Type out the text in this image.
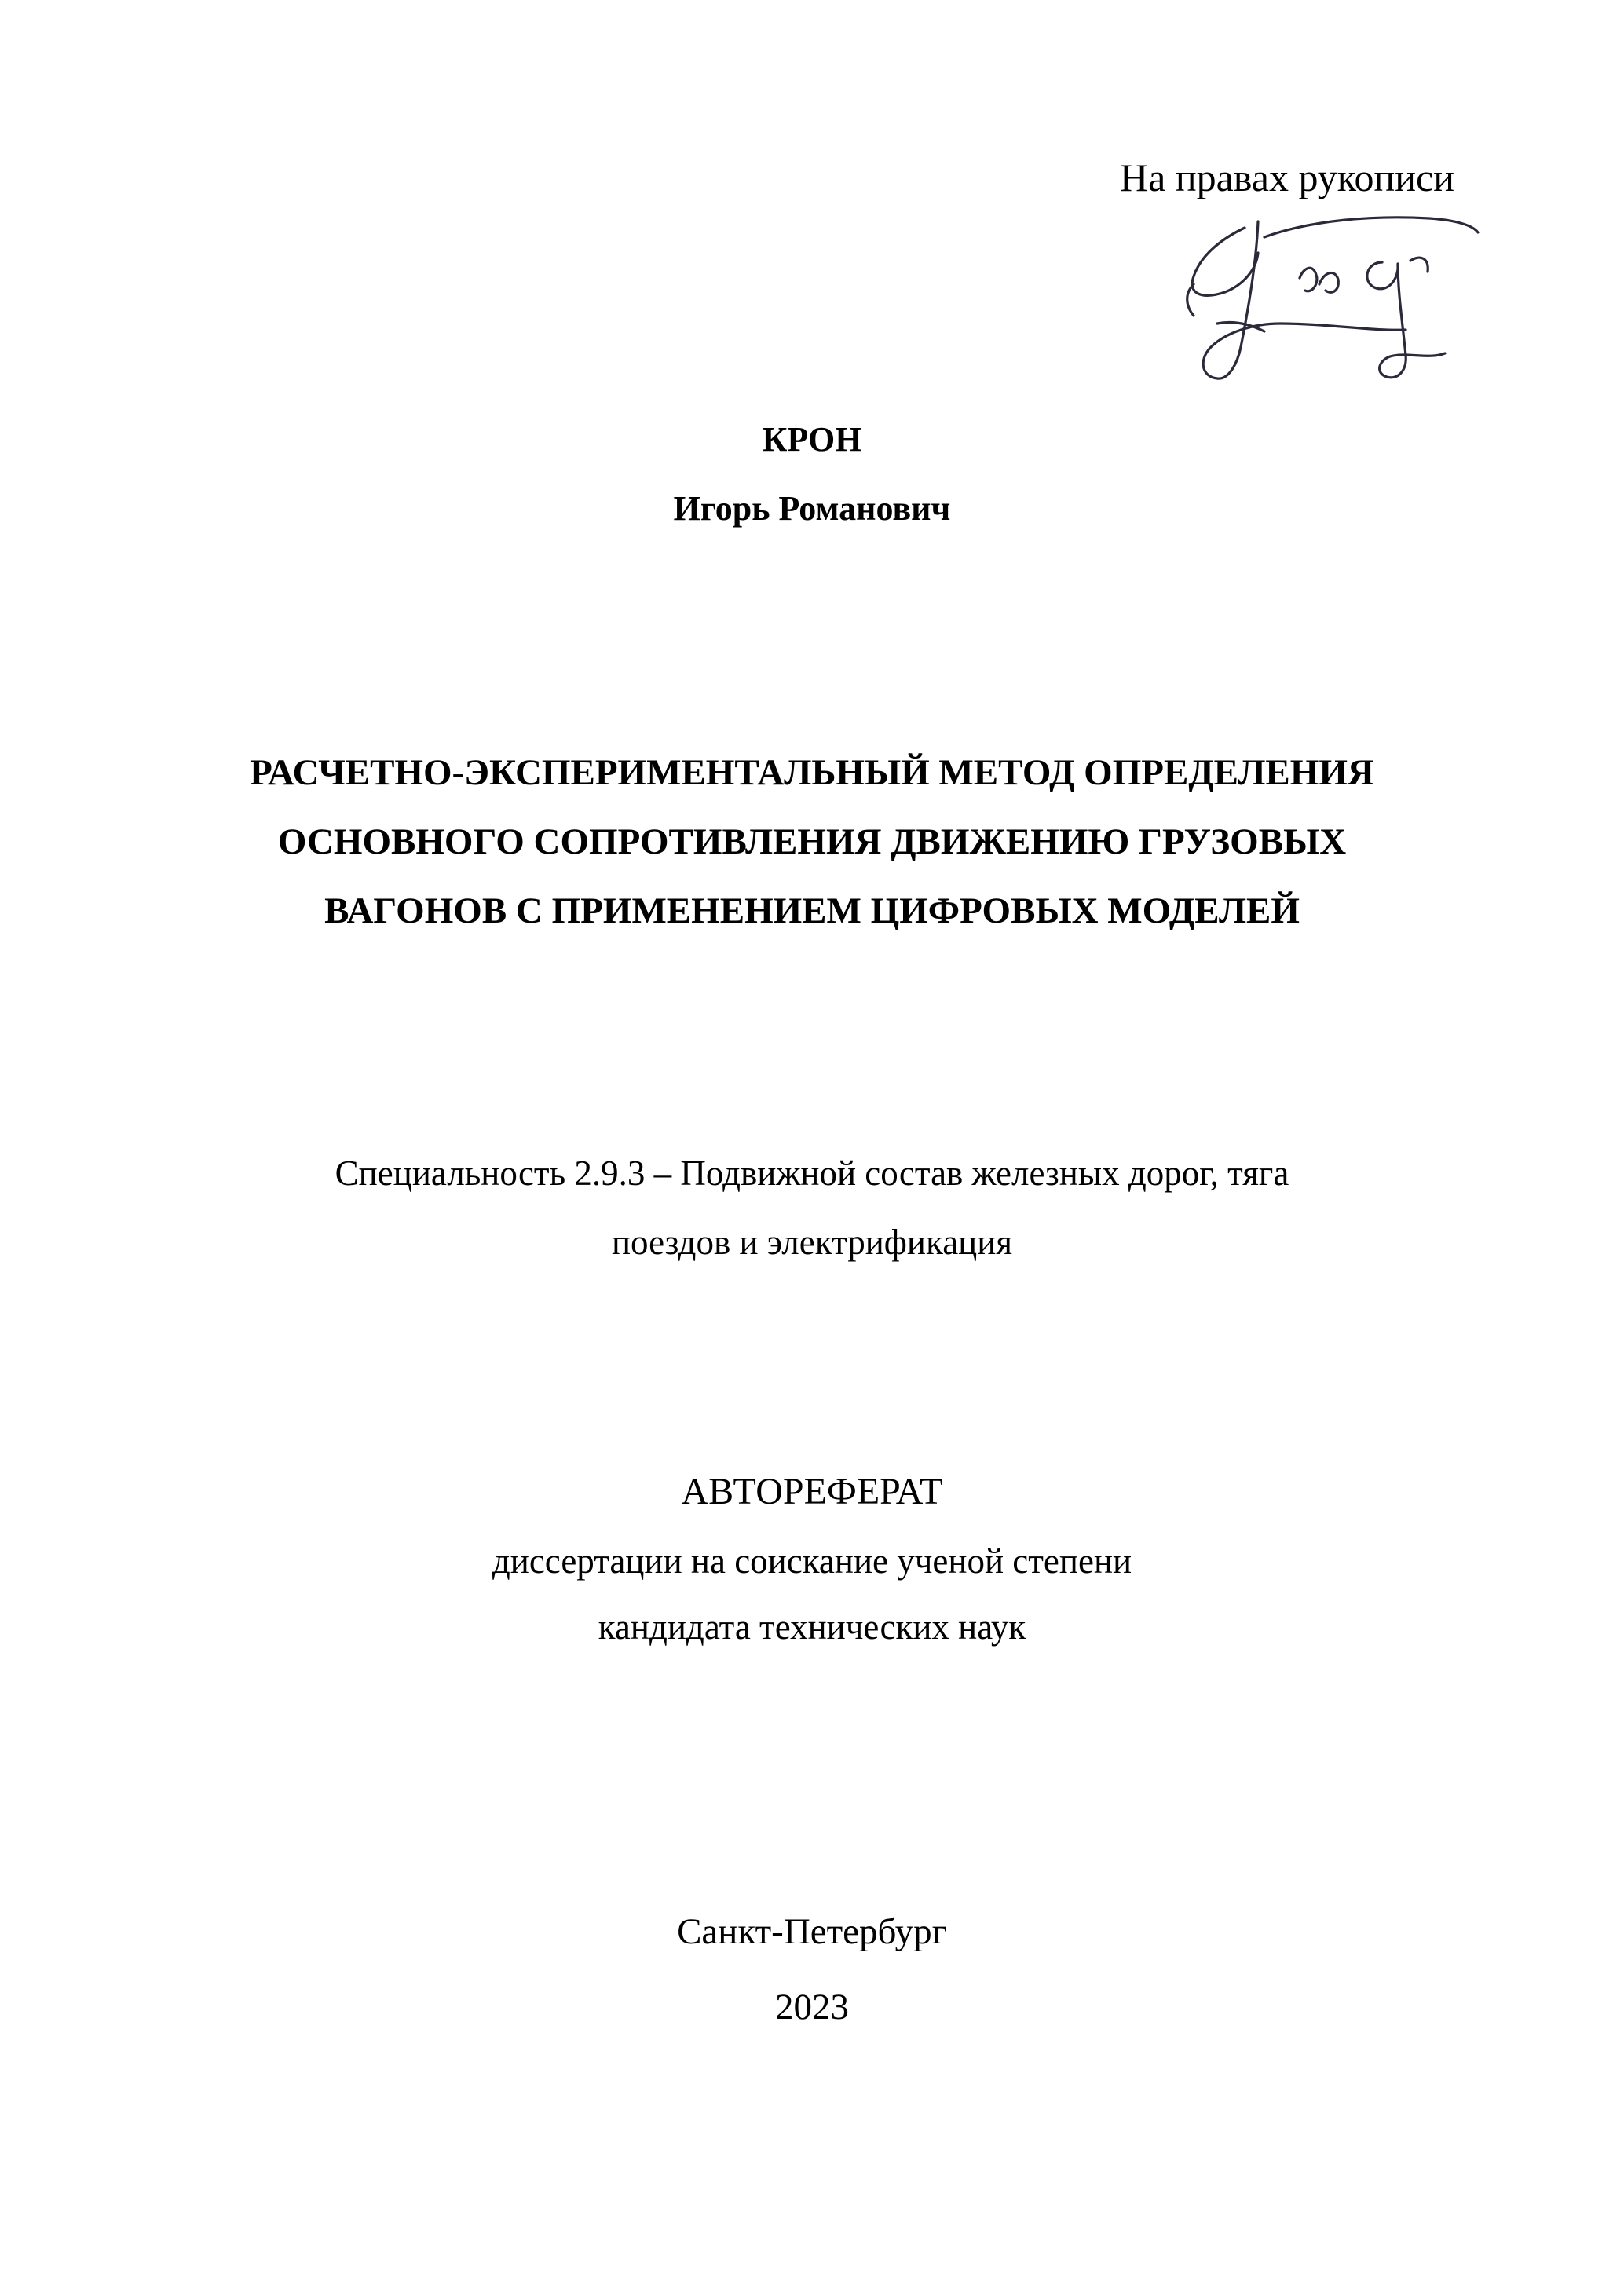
На правах рукописи
КРОН
Игорь Романович
РАСЧЕТНО-ЭКСПЕРИМЕНТАЛЬНЫЙ МЕТОД ОПРЕДЕЛЕНИЯ
ОСНОВНОГО СОПРОТИВЛЕНИЯ ДВИЖЕНИЮ ГРУЗОВЫХ
ВАГОНОВ С ПРИМЕНЕНИЕМ ЦИФРОВЫХ МОДЕЛЕЙ
Специальность 2.9.3 – Подвижной состав железных дорог, тяга
поездов и электрификация
АВТОРЕФЕРАТ
диссертации на соискание ученой степени
кандидата технических наук
Санкт-Петербург
2023
